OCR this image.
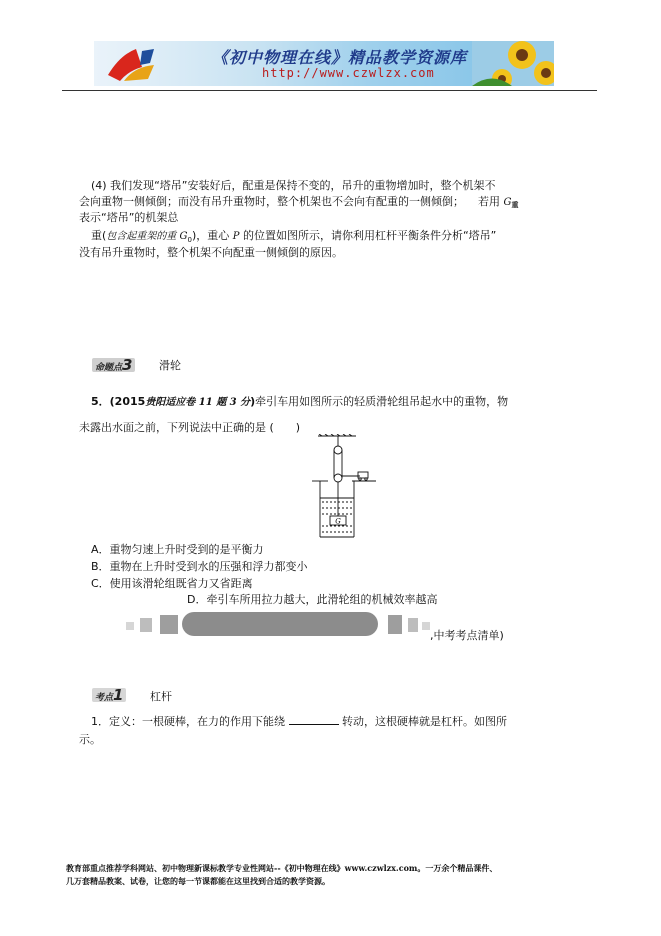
《初中物理在线》精品教学资源库
http://www.czwlzx.com

(4) 我们发现“塔吊”安装好后，配重是保持不变的，吊升的重物增加时，整个机架不

会向重物一侧倾倒；而没有吊升重物时，整个机架也不会向有配重的一侧倾倒； 若用 $G_重$

表示“塔吊”的机架总

重(包含起重架的重 $G_0$)，重心 P 的位置如图所示，请你利用杠杆平衡条件分析“塔吊”

没有吊升重物时，整个机架不向配重一侧倾倒的原因。

命题点3 滑轮

5．(2015贵阳适应卷 11 题 3 分)牵引车用如图所示的轻质滑轮组吊起水中的重物，物

未露出水面之前，下列说法中正确的是 ( )

G

A．重物匀速上升时受到的是平衡力

B．重物在上升时受到水的压强和浮力都变小

C．使用该滑轮组既省力又省距离

D．牵引车所用拉力越大，此滑轮组的机械效率越高

,中考考点清单)

考点1 杠杆

1．定义：一根硬棒，在力的作用下能绕	转动，这根硬棒就是杠杆。如图所

示。

教育部重点推荐学科网站、初中物理新课标教学专业性网站--《初中物理在线》www.czwlzx.com。一万余个精品课件、
几万套精品教案、试卷，让您的每一节课都能在这里找到合适的教学资源。
